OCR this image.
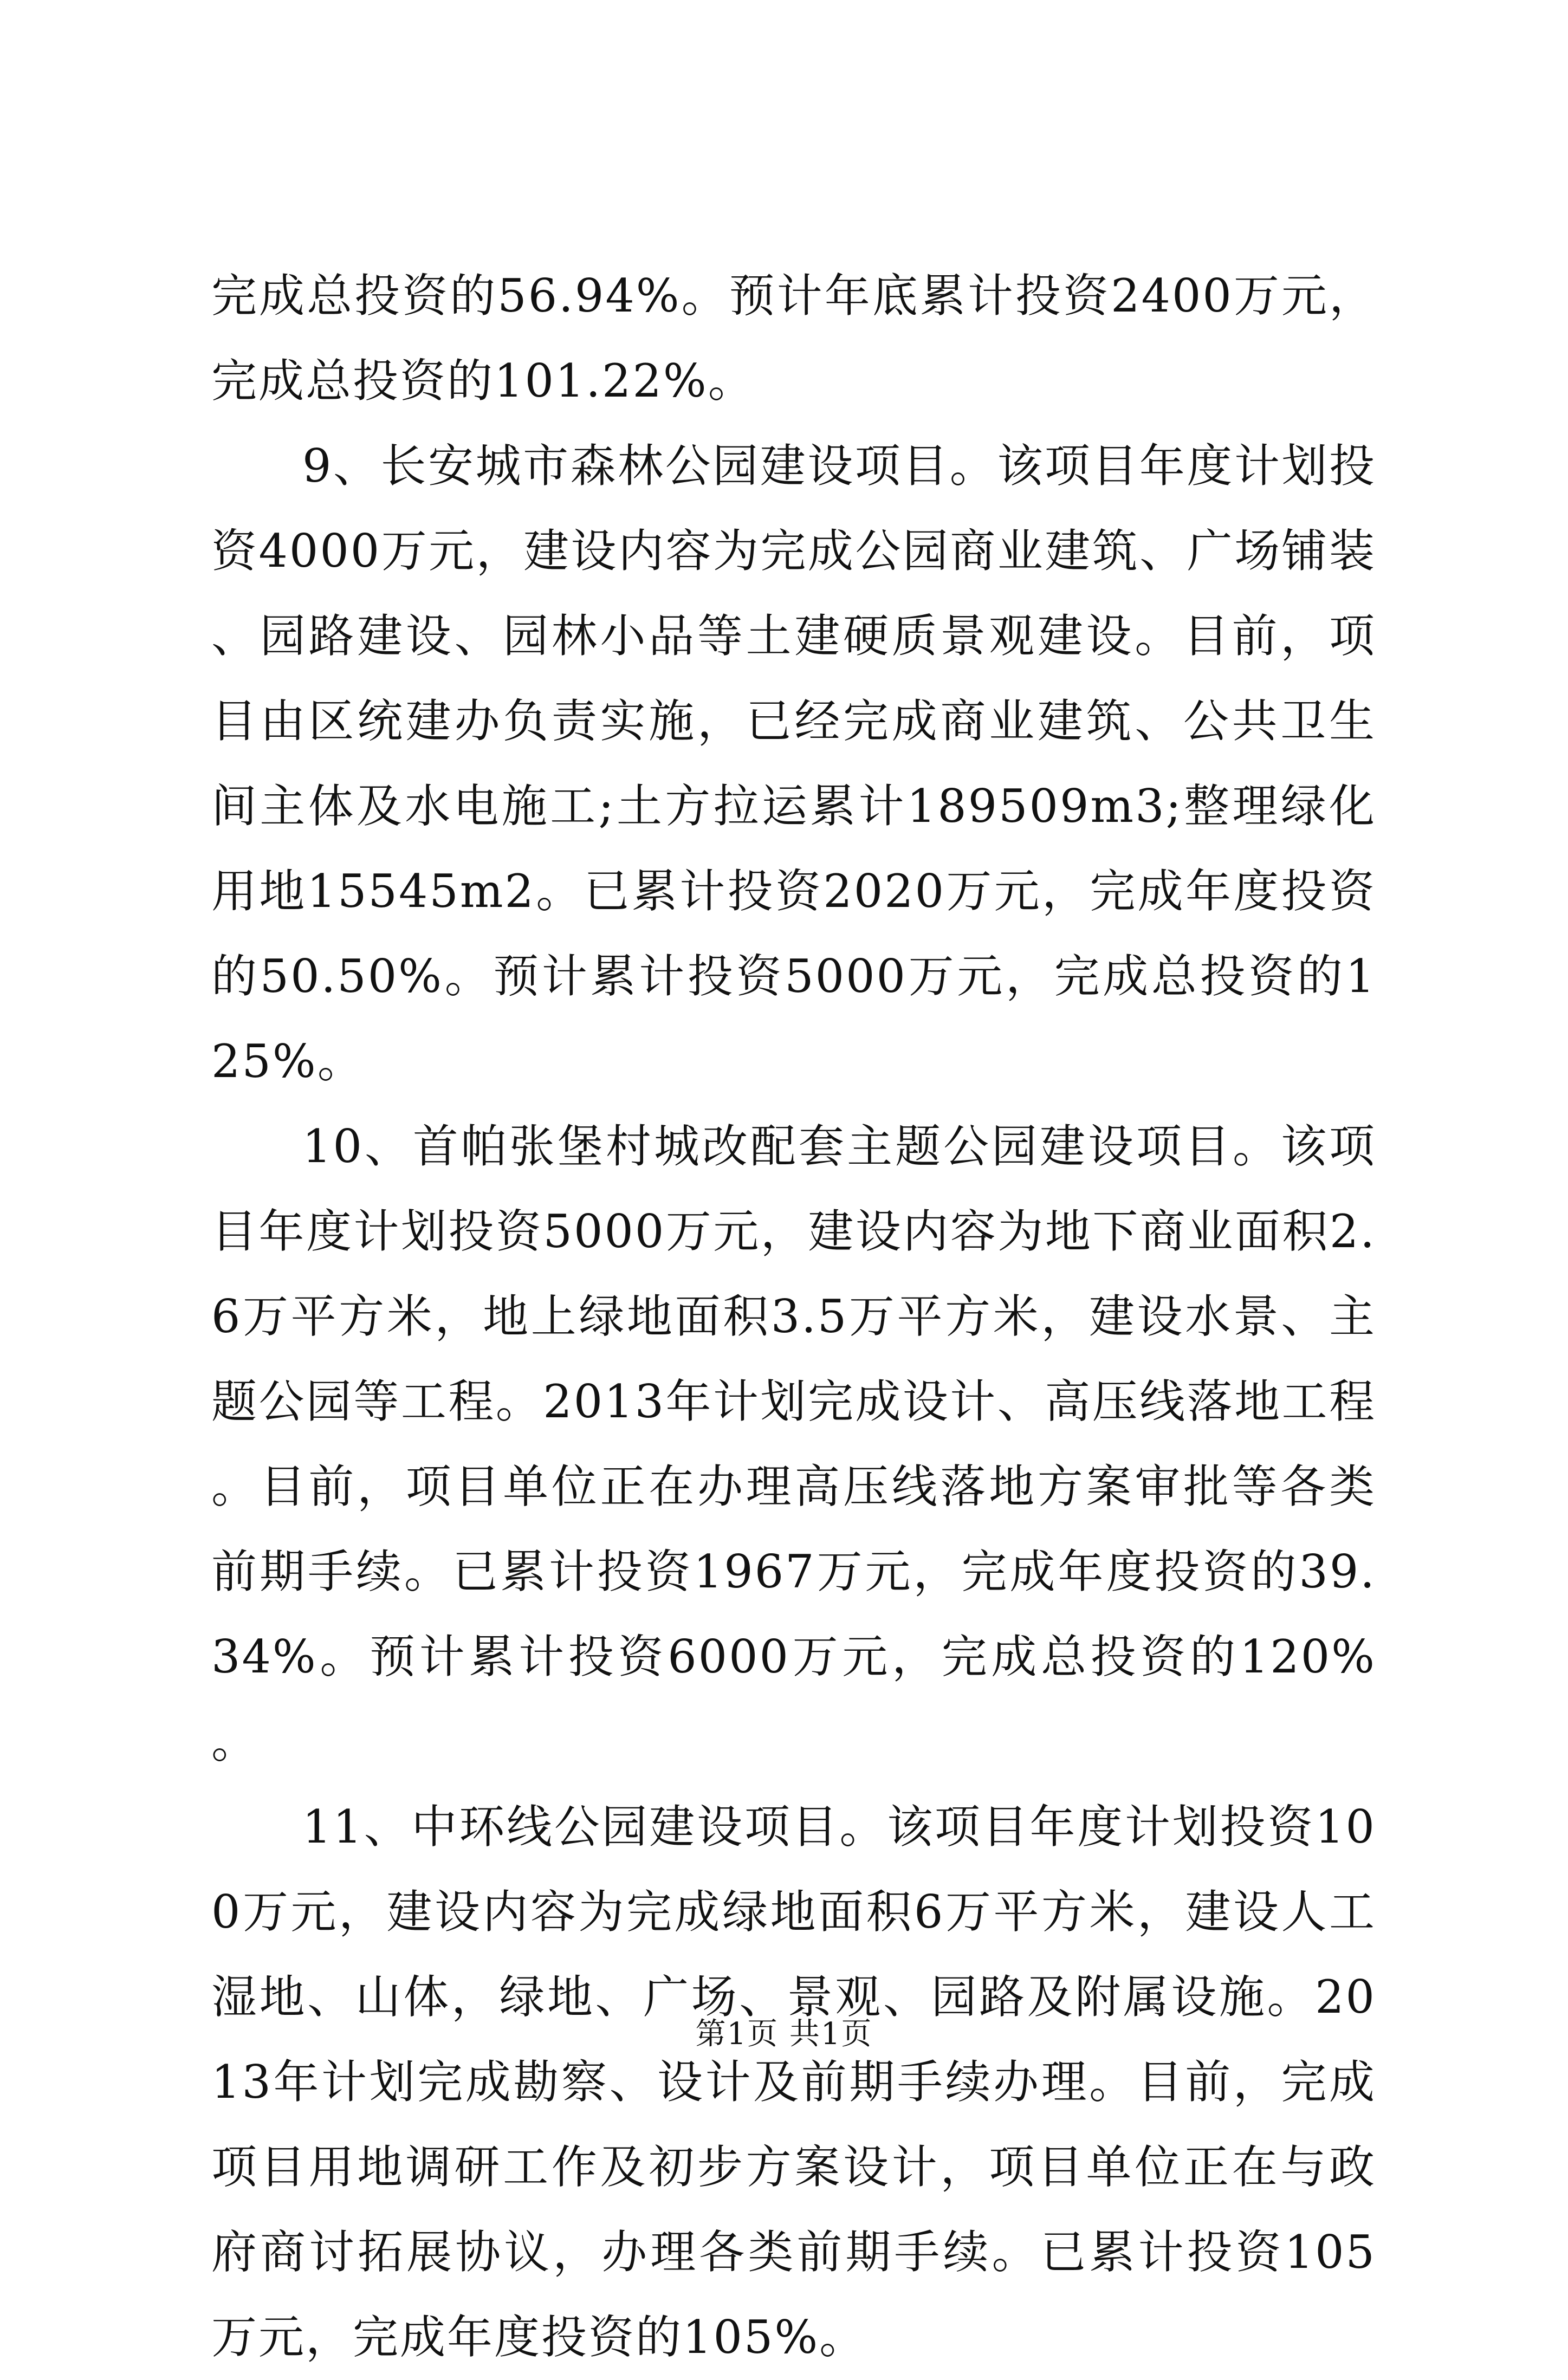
完成总投资的56.94%。预计年底累计投资2400万元，完成总投资的101.22%。

9、长安城市森林公园建设项目。该项目年度计划投资4000万元，建设内容为完成公园商业建筑、广场铺装、园路建设、园林小品等土建硬质景观建设。目前，项目由区统建办负责实施，已经完成商业建筑、公共卫生间主体及水电施工;土方拉运累计189509m3;整理绿化用地15545m2。已累计投资2020万元，完成年度投资的50.50%。预计累计投资5000万元，完成总投资的125%。

10、首帕张堡村城改配套主题公园建设项目。该项目年度计划投资5000万元，建设内容为地下商业面积2.6万平方米，地上绿地面积3.5万平方米，建设水景、主题公园等工程。2013年计划完成设计、高压线落地工程。目前，项目单位正在办理高压线落地方案审批等各类前期手续。已累计投资1967万元，完成年度投资的39.34%。预计累计投资6000万元，完成总投资的120%。

11、中环线公园建设项目。该项目年度计划投资100万元，建设内容为完成绿地面积6万平方米，建设人工湿地、山体，绿地、广场、景观、园路及附属设施。2013年计划完成勘察、设计及前期手续办理。目前，完成项目用地调研工作及初步方案设计，项目单位正在与政府商讨拓展协议，办理各类前期手续。已累计投资105万元，完成年度投资的105%。

第1页 共1页
